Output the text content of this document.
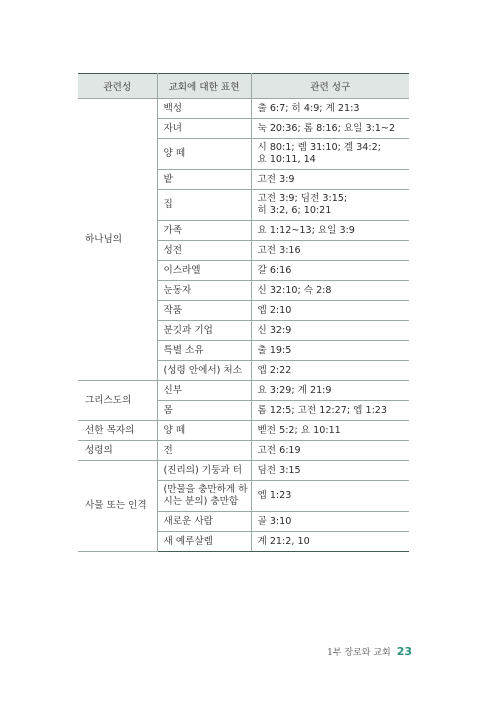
관련성	교회에 대한 표현	관련 성구
하나님의	백성	출 6:7; 히 4:9; 계 21:3
	자녀	눅 20:36; 롬 8:16; 요일 3:1~2
	양 떼	시 80:1; 렘 31:10; 겔 34:2;
요 10:11, 14
	밭	고전 3:9
	집	고전 3:9; 딤전 3:15;
히 3:2, 6; 10:21
	가족	요 1:12~13; 요일 3:9
	성전	고전 3:16
	이스라엘	갈 6:16
	눈동자	신 32:10; 슥 2:8
	작품	엡 2:10
	분깃과 기업	신 32:9
	특별 소유	출 19:5
	(성령 안에서) 처소	엡 2:22
그리스도의	신부	요 3:29; 계 21:9
	몸	롬 12:5; 고전 12:27; 엡 1:23
선한 목자의	양 떼	벧전 5:2; 요 10:11
성령의	전	고전 6:19
사물 또는 인격	(진리의) 기둥과 터	딤전 3:15
	(만물을 충만하게 하
시는 분의) 충만함	엡 1:23
	새로운 사람	골 3:10
	새 예루살렘	계 21:2, 10
1부 장로와 교회 23
